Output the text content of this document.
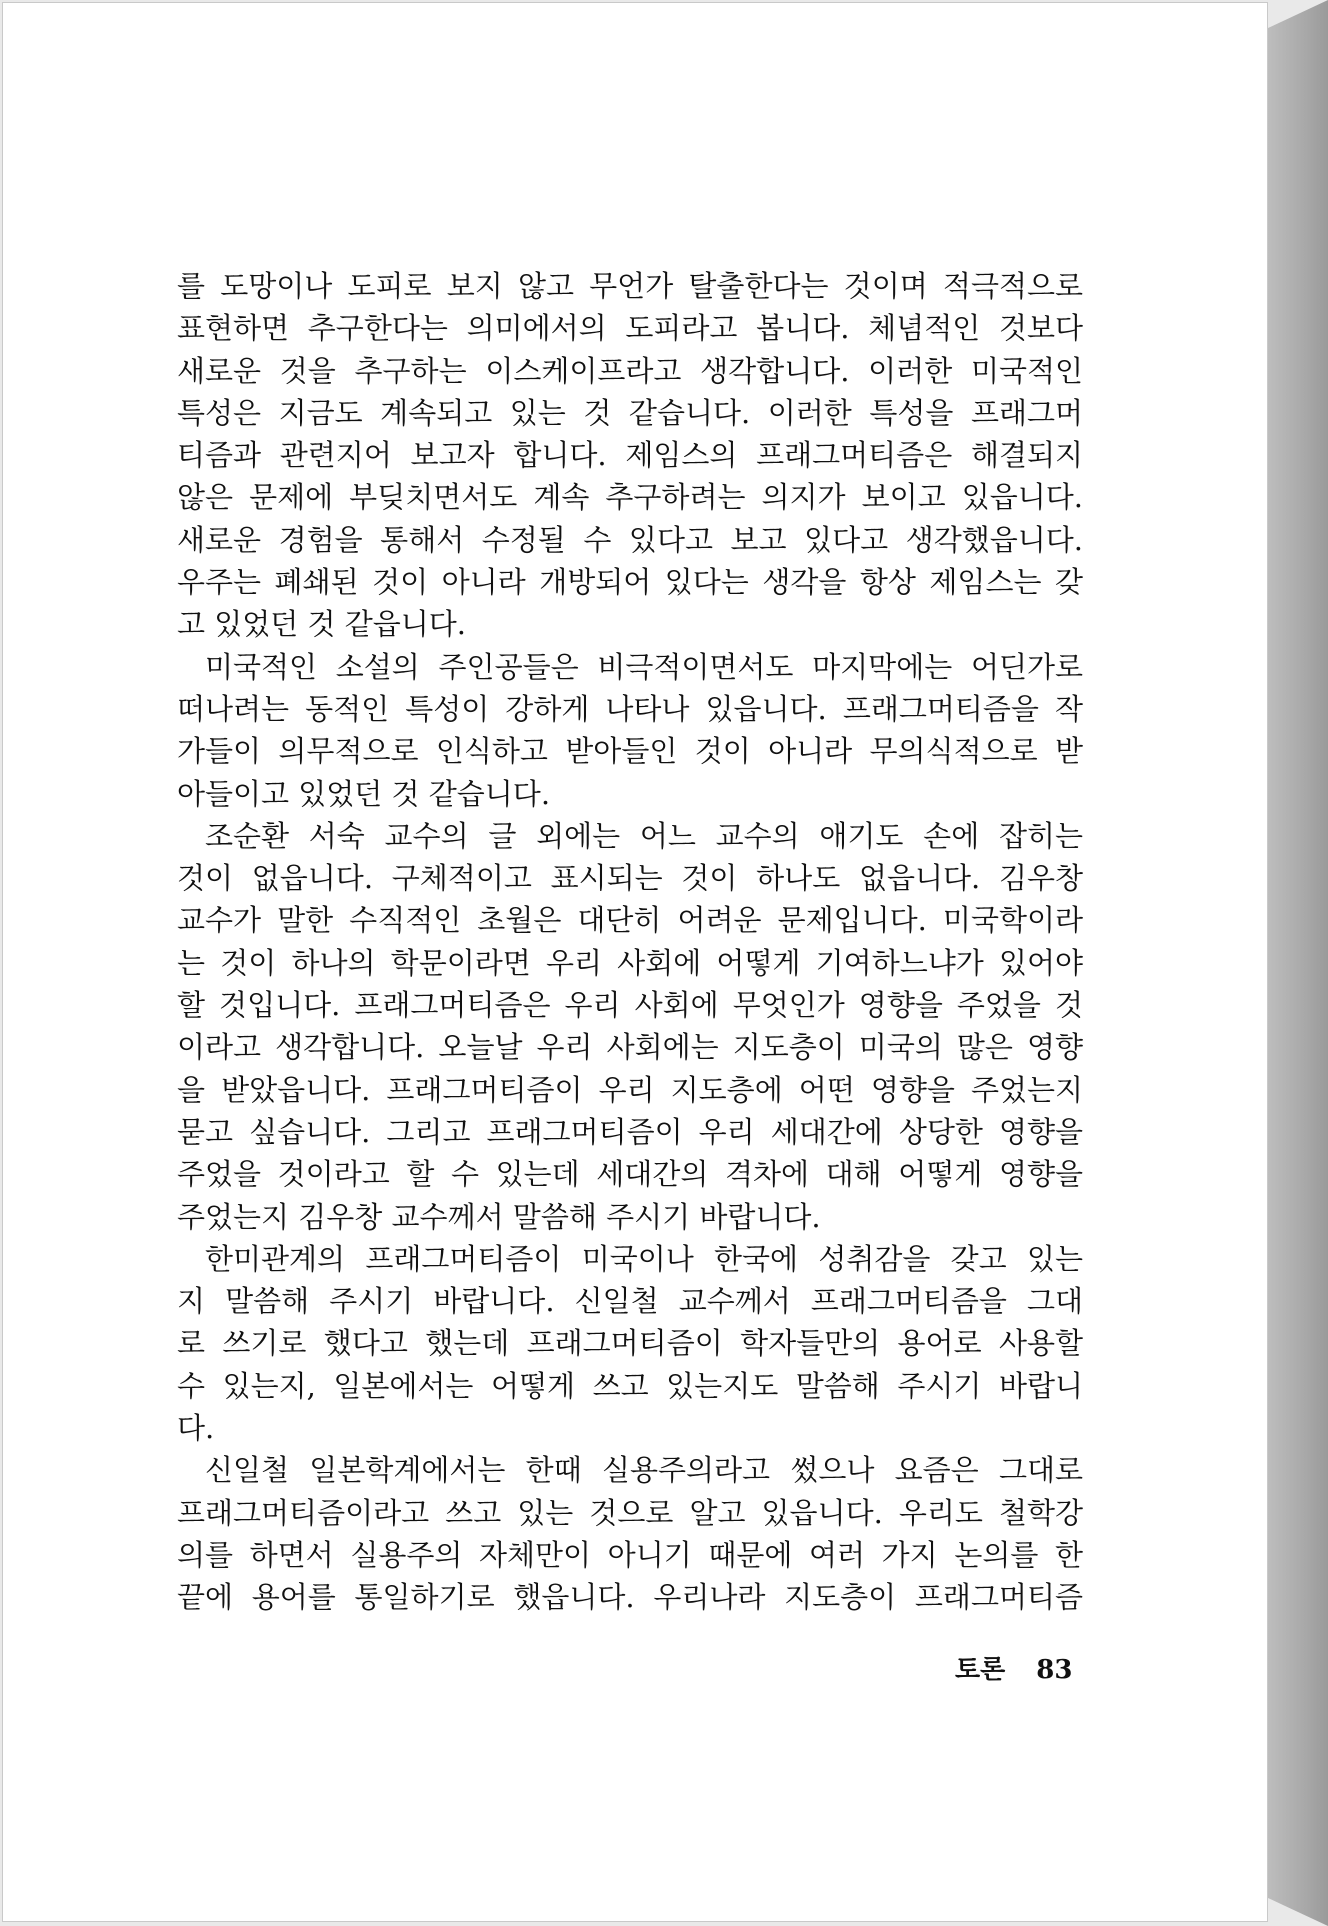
를 도망이나 도피로 보지 않고 무언가 탈출한다는 것이며 적극적으로
표현하면 추구한다는 의미에서의 도피라고 봅니다. 체념적인 것보다
새로운 것을 추구하는 이스케이프라고 생각합니다. 이러한 미국적인
특성은 지금도 계속되고 있는 것 같습니다. 이러한 특성을 프래그머
티즘과 관련지어 보고자 합니다. 제임스의 프래그머티즘은 해결되지
않은 문제에 부딪치면서도 계속 추구하려는 의지가 보이고 있읍니다.
새로운 경험을 통해서 수정될 수 있다고 보고 있다고 생각했읍니다.
우주는 폐쇄된 것이 아니라 개방되어 있다는 생각을 항상 제임스는 갖
고 있었던 것 같읍니다.
미국적인 소설의 주인공들은 비극적이면서도 마지막에는 어딘가로
떠나려는 동적인 특성이 강하게 나타나 있읍니다. 프래그머티즘을 작
가들이 의무적으로 인식하고 받아들인 것이 아니라 무의식적으로 받
아들이고 있었던 것 같습니다.
조순환 서숙 교수의 글 외에는 어느 교수의 애기도 손에 잡히는
것이 없읍니다. 구체적이고 표시되는 것이 하나도 없읍니다. 김우창
교수가 말한 수직적인 초월은 대단히 어려운 문제입니다. 미국학이라
는 것이 하나의 학문이라면 우리 사회에 어떻게 기여하느냐가 있어야
할 것입니다. 프래그머티즘은 우리 사회에 무엇인가 영향을 주었을 것
이라고 생각합니다. 오늘날 우리 사회에는 지도층이 미국의 많은 영향
을 받았읍니다. 프래그머티즘이 우리 지도층에 어떤 영향을 주었는지
묻고 싶습니다. 그리고 프래그머티즘이 우리 세대간에 상당한 영향을
주었을 것이라고 할 수 있는데 세대간의 격차에 대해 어떻게 영향을
주었는지 김우창 교수께서 말씀해 주시기 바랍니다.
한미관계의 프래그머티즘이 미국이나 한국에 성취감을 갖고 있는
지 말씀해 주시기 바랍니다. 신일철 교수께서 프래그머티즘을 그대
로 쓰기로 했다고 했는데 프래그머티즘이 학자들만의 용어로 사용할
수 있는지, 일본에서는 어떻게 쓰고 있는지도 말씀해 주시기 바랍니
다.
신일철 일본학계에서는 한때 실용주의라고 썼으나 요즘은 그대로
프래그머티즘이라고 쓰고 있는 것으로 알고 있읍니다. 우리도 철학강
의를 하면서 실용주의 자체만이 아니기 때문에 여러 가지 논의를 한
끝에 용어를 통일하기로 했읍니다. 우리나라 지도층이 프래그머티즘
토론 83
